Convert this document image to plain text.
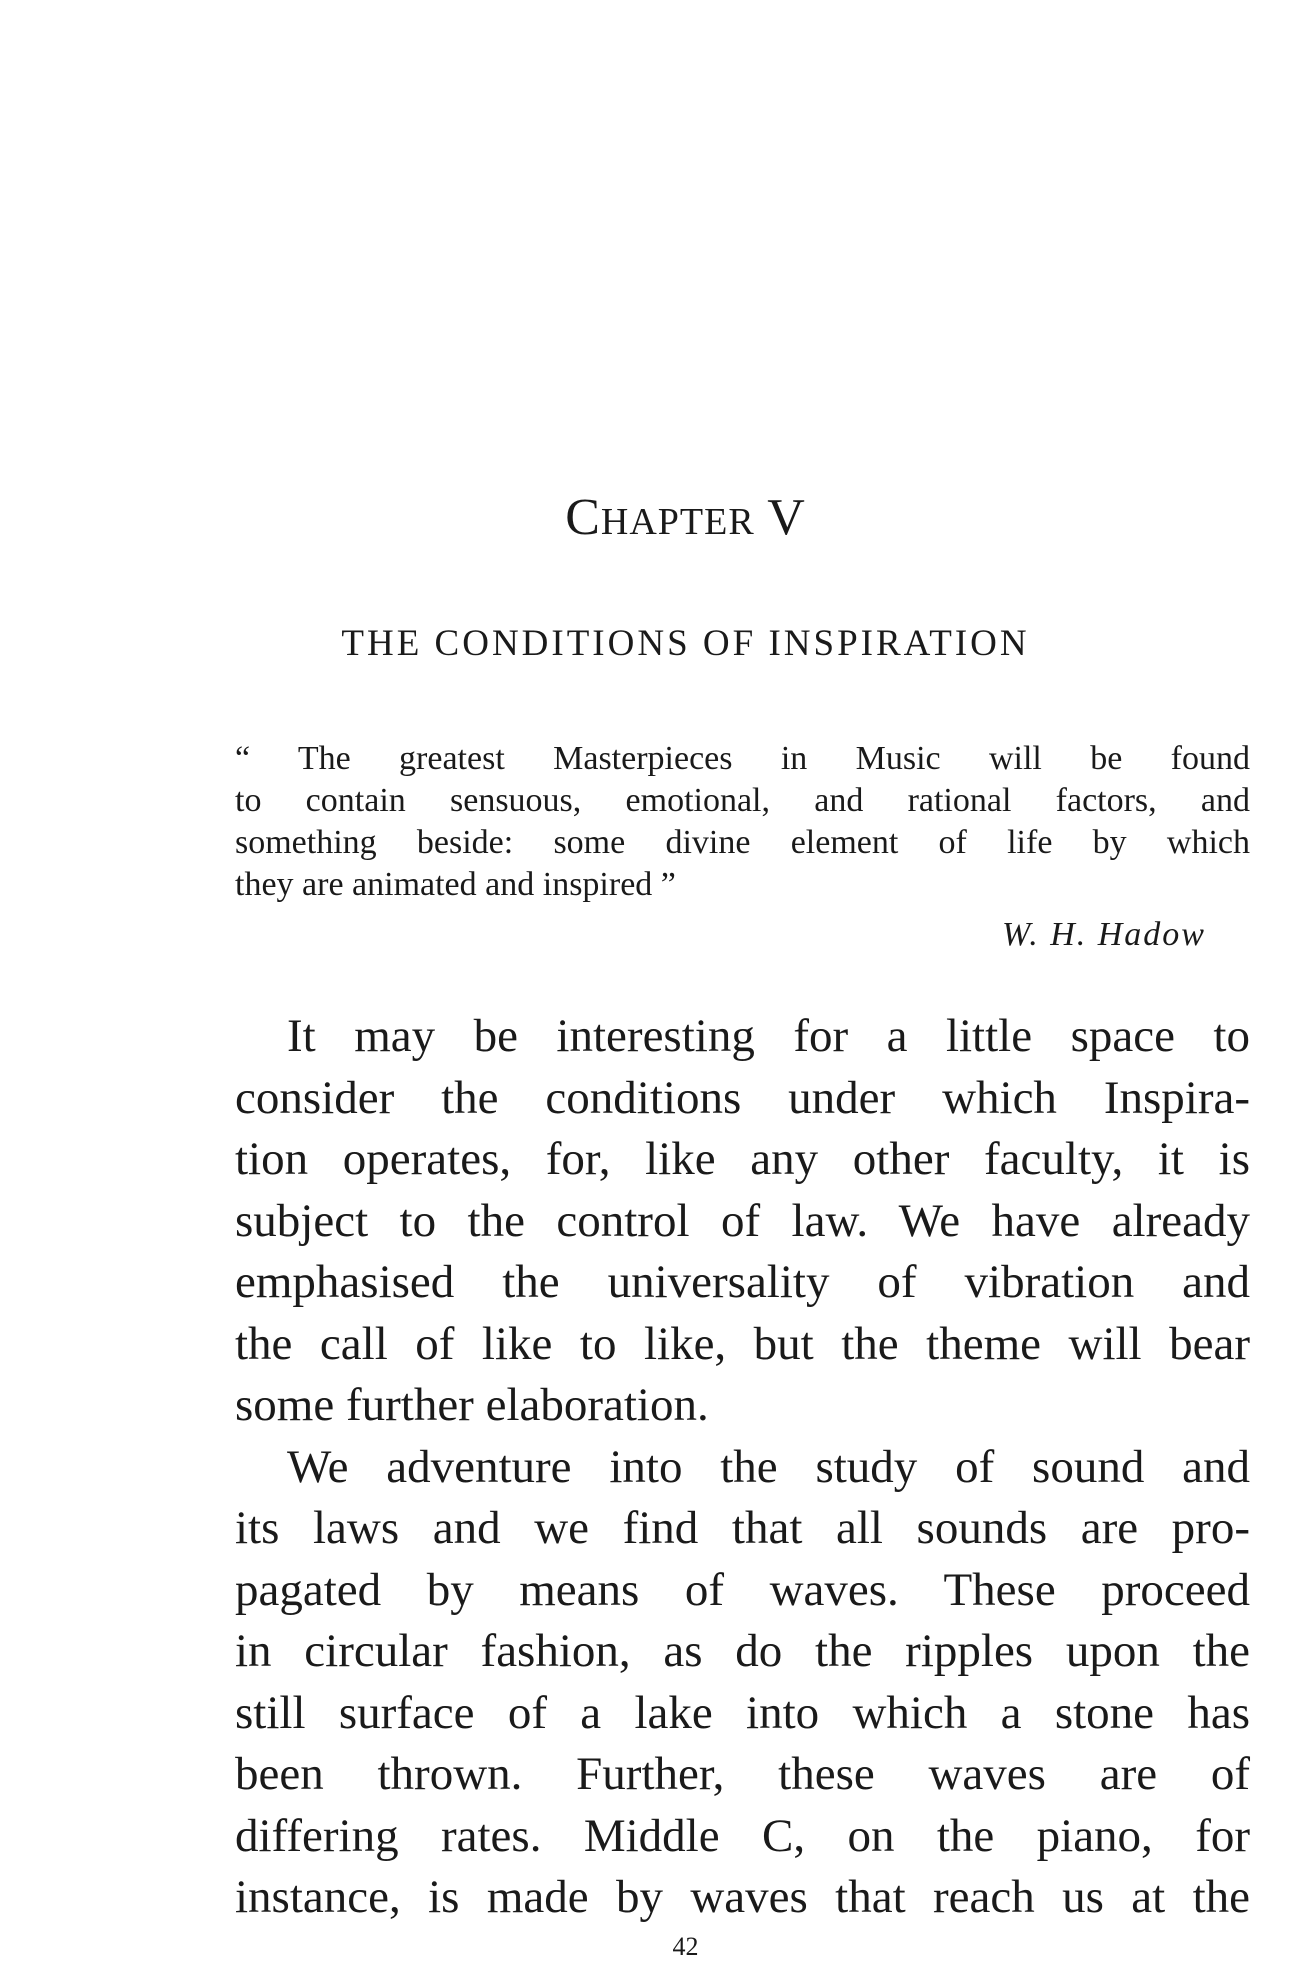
CHAPTER V
THE CONDITIONS OF INSPIRATION
“ The greatest Masterpieces in Music will be found
to contain sensuous, emotional, and rational factors, and
something beside: some divine element of life by which
they are animated and inspired ”
W. H. Hadow
It may be interesting for a little space to
consider the conditions under which Inspira-
tion operates, for, like any other faculty, it is
subject to the control of law. We have already
emphasised the universality of vibration and
the call of like to like, but the theme will bear
some further elaboration.
We adventure into the study of sound and
its laws and we find that all sounds are pro-
pagated by means of waves. These proceed
in circular fashion, as do the ripples upon the
still surface of a lake into which a stone has
been thrown. Further, these waves are of
differing rates. Middle C, on the piano, for
instance, is made by waves that reach us at the
42
